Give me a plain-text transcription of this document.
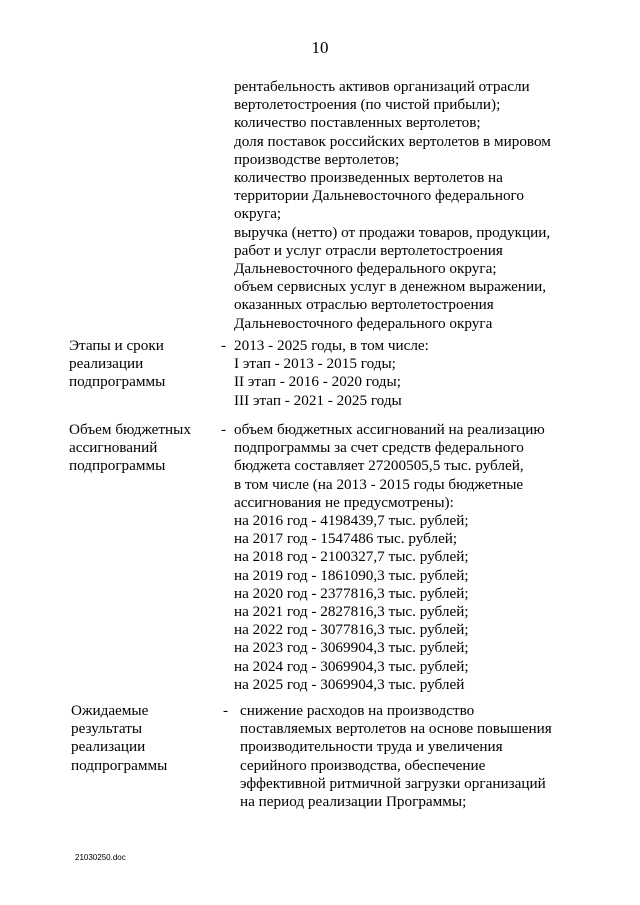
10
рентабельность активов организаций отрасли
вертолетостроения (по чистой прибыли);
количество поставленных вертолетов;
доля поставок российских вертолетов в мировом
производстве вертолетов;
количество произведенных вертолетов на
территории Дальневосточного федерального
округа;
выручка (нетто) от продажи товаров, продукции,
работ и услуг отрасли вертолетостроения
Дальневосточного федерального округа;
объем сервисных услуг в денежном выражении,
оказанных отраслью вертолетостроения
Дальневосточного федерального округа
Этапы и сроки
реализации
подпрограммы
- 2013 - 2025 годы, в том числе:
I этап - 2013 - 2015 годы;
II этап - 2016 - 2020 годы;
III этап - 2021 - 2025 годы
Объем бюджетных
ассигнований
подпрограммы
- объем бюджетных ассигнований на реализацию
подпрограммы за счет средств федерального
бюджета составляет 27200505,5 тыс. рублей,
в том числе (на 2013 - 2015 годы бюджетные
ассигнования не предусмотрены):
на 2016 год - 4198439,7 тыс. рублей;
на 2017 год - 1547486 тыс. рублей;
на 2018 год - 2100327,7 тыс. рублей;
на 2019 год - 1861090,3 тыс. рублей;
на 2020 год - 2377816,3 тыс. рублей;
на 2021 год - 2827816,3 тыс. рублей;
на 2022 год - 3077816,3 тыс. рублей;
на 2023 год - 3069904,3 тыс. рублей;
на 2024 год - 3069904,3 тыс. рублей;
на 2025 год - 3069904,3 тыс. рублей
Ожидаемые
результаты
реализации
подпрограммы
- снижение расходов на производство
поставляемых вертолетов на основе повышения
производительности труда и увеличения
серийного производства, обеспечение
эффективной ритмичной загрузки организаций
на период реализации Программы;
21030250.doc
